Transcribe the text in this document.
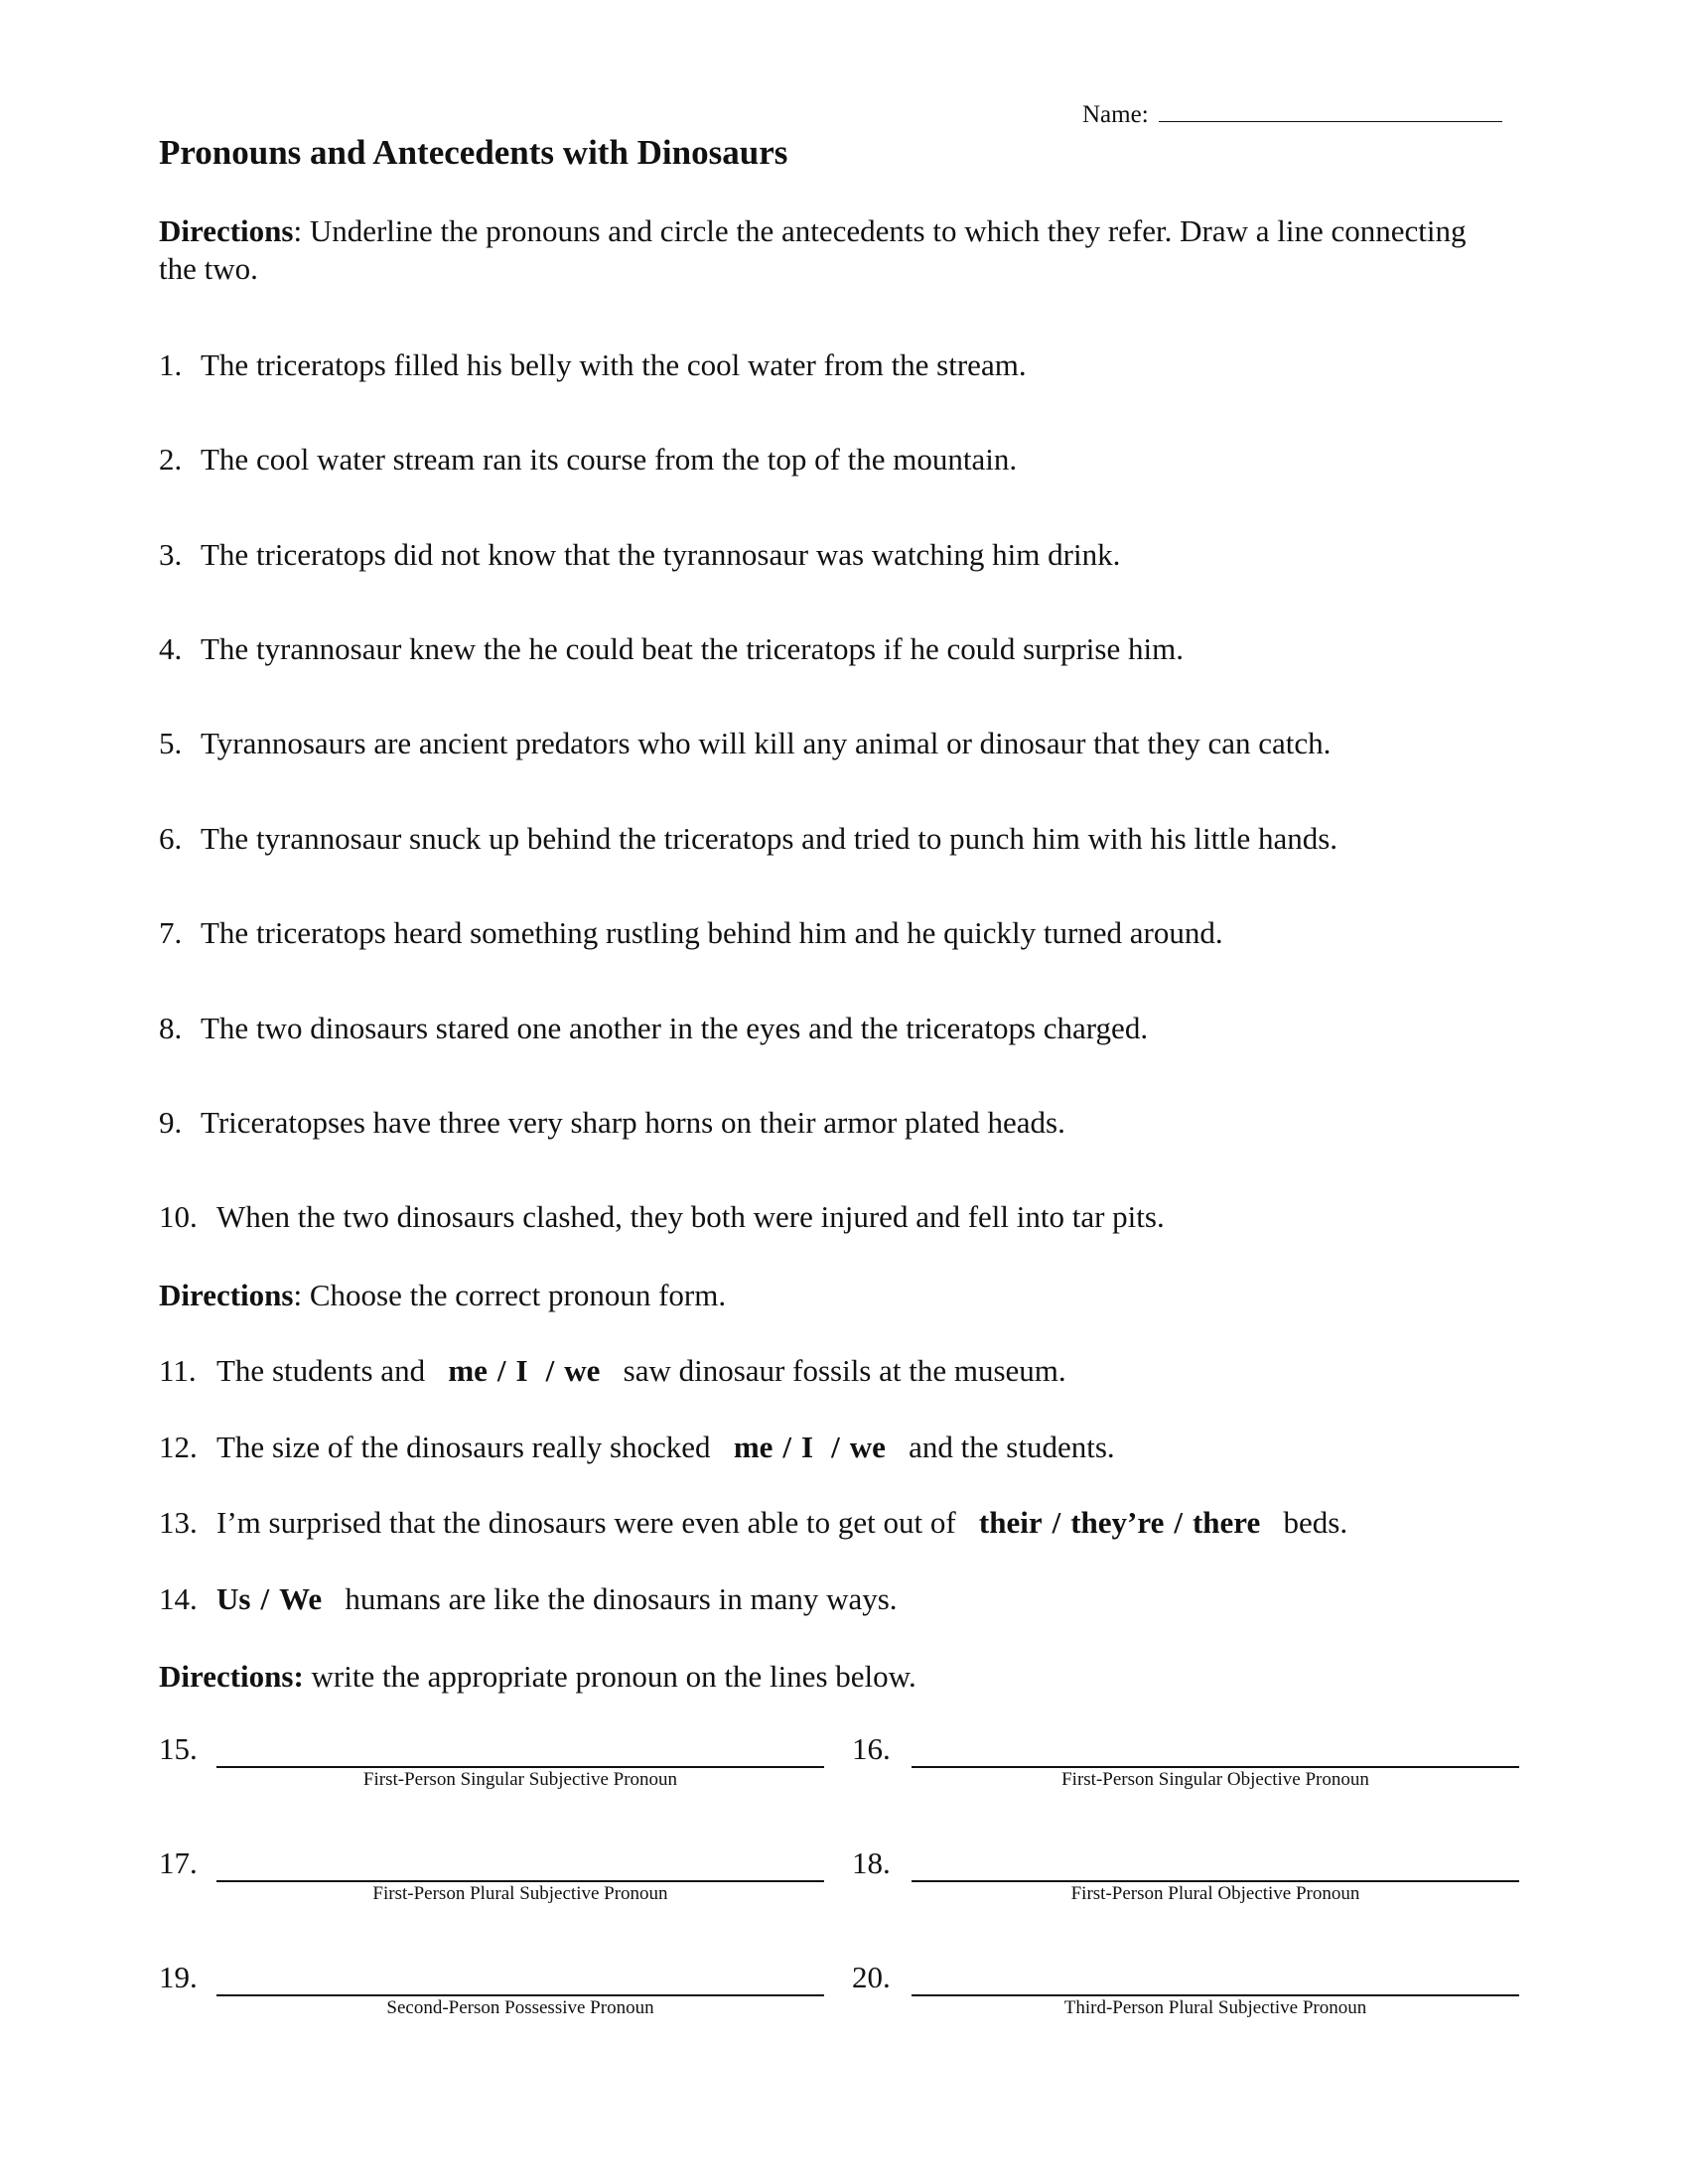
Name:
Pronouns and Antecedents with Dinosaurs
Directions: Underline the pronouns and circle the antecedents to which they refer. Draw a line connecting the two.
1. The triceratops filled his belly with the cool water from the stream.
2. The cool water stream ran its course from the top of the mountain.
3. The triceratops did not know that the tyrannosaur was watching him drink.
4. The tyrannosaur knew the he could beat the triceratops if he could surprise him.
5. Tyrannosaurs are ancient predators who will kill any animal or dinosaur that they can catch.
6. The tyrannosaur snuck up behind the triceratops and tried to punch him with his little hands.
7. The triceratops heard something rustling behind him and he quickly turned around.
8. The two dinosaurs stared one another in the eyes and the triceratops charged.
9. Triceratopses have three very sharp horns on their armor plated heads.
10. When the two dinosaurs clashed, they both were injured and fell into tar pits.
Directions: Choose the correct pronoun form.
11. The students and me / I / we saw dinosaur fossils at the museum.
12. The size of the dinosaurs really shocked me / I / we and the students.
13. I’m surprised that the dinosaurs were even able to get out of their / they’re / there beds.
14. Us / We humans are like the dinosaurs in many ways.
Directions: write the appropriate pronoun on the lines below.
15.
First-Person Singular Subjective Pronoun
16.
First-Person Singular Objective Pronoun
17.
First-Person Plural Subjective Pronoun
18.
First-Person Plural Objective Pronoun
19.
Second-Person Possessive Pronoun
20.
Third-Person Plural Subjective Pronoun
